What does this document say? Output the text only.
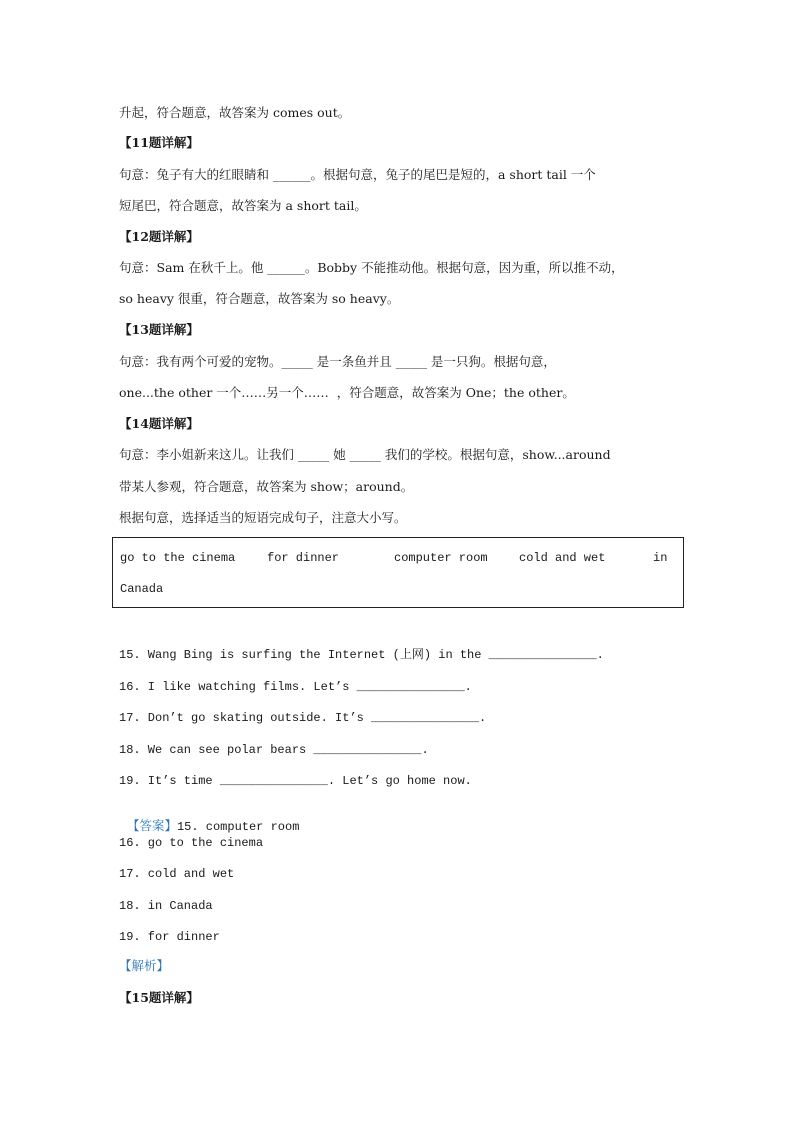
升起，符合题意，故答案为 comes out。
【11题详解】
句意：兔子有大的红眼睛和 ______。根据句意，兔子的尾巴是短的，a short tail 一个
短尾巴，符合题意，故答案为 a short tail。
【12题详解】
句意：Sam 在秋千上。他 ______。Bobby 不能推动他。根据句意，因为重，所以推不动，
so heavy 很重，符合题意，故答案为 so heavy。
【13题详解】
句意：我有两个可爱的宠物。_____ 是一条鱼并且 _____ 是一只狗。根据句意，
one...the other 一个……另一个……  ，符合题意，故答案为 One；the other。
【14题详解】
句意：李小姐新来这儿。让我们 _____ 她 _____ 我们的学校。根据句意，show...around
带某人参观，符合题意，故答案为 show；around。
根据句意，选择适当的短语完成句子，注意大小写。
go to the cinema	for dinner	computer room	cold and wet	in
Canada
15. Wang Bing is surfing the Internet (上网) in the _______________.
16. I like watching films. Let’s _______________.
17. Don’t go skating outside. It’s _______________.
18. We can see polar bears _______________.
19. It’s time _______________. Let’s go home now.

【答案】15. computer room

16. go to the cinema
17. cold and wet
18. in Canada
19. for dinner
【解析】
【15题详解】
